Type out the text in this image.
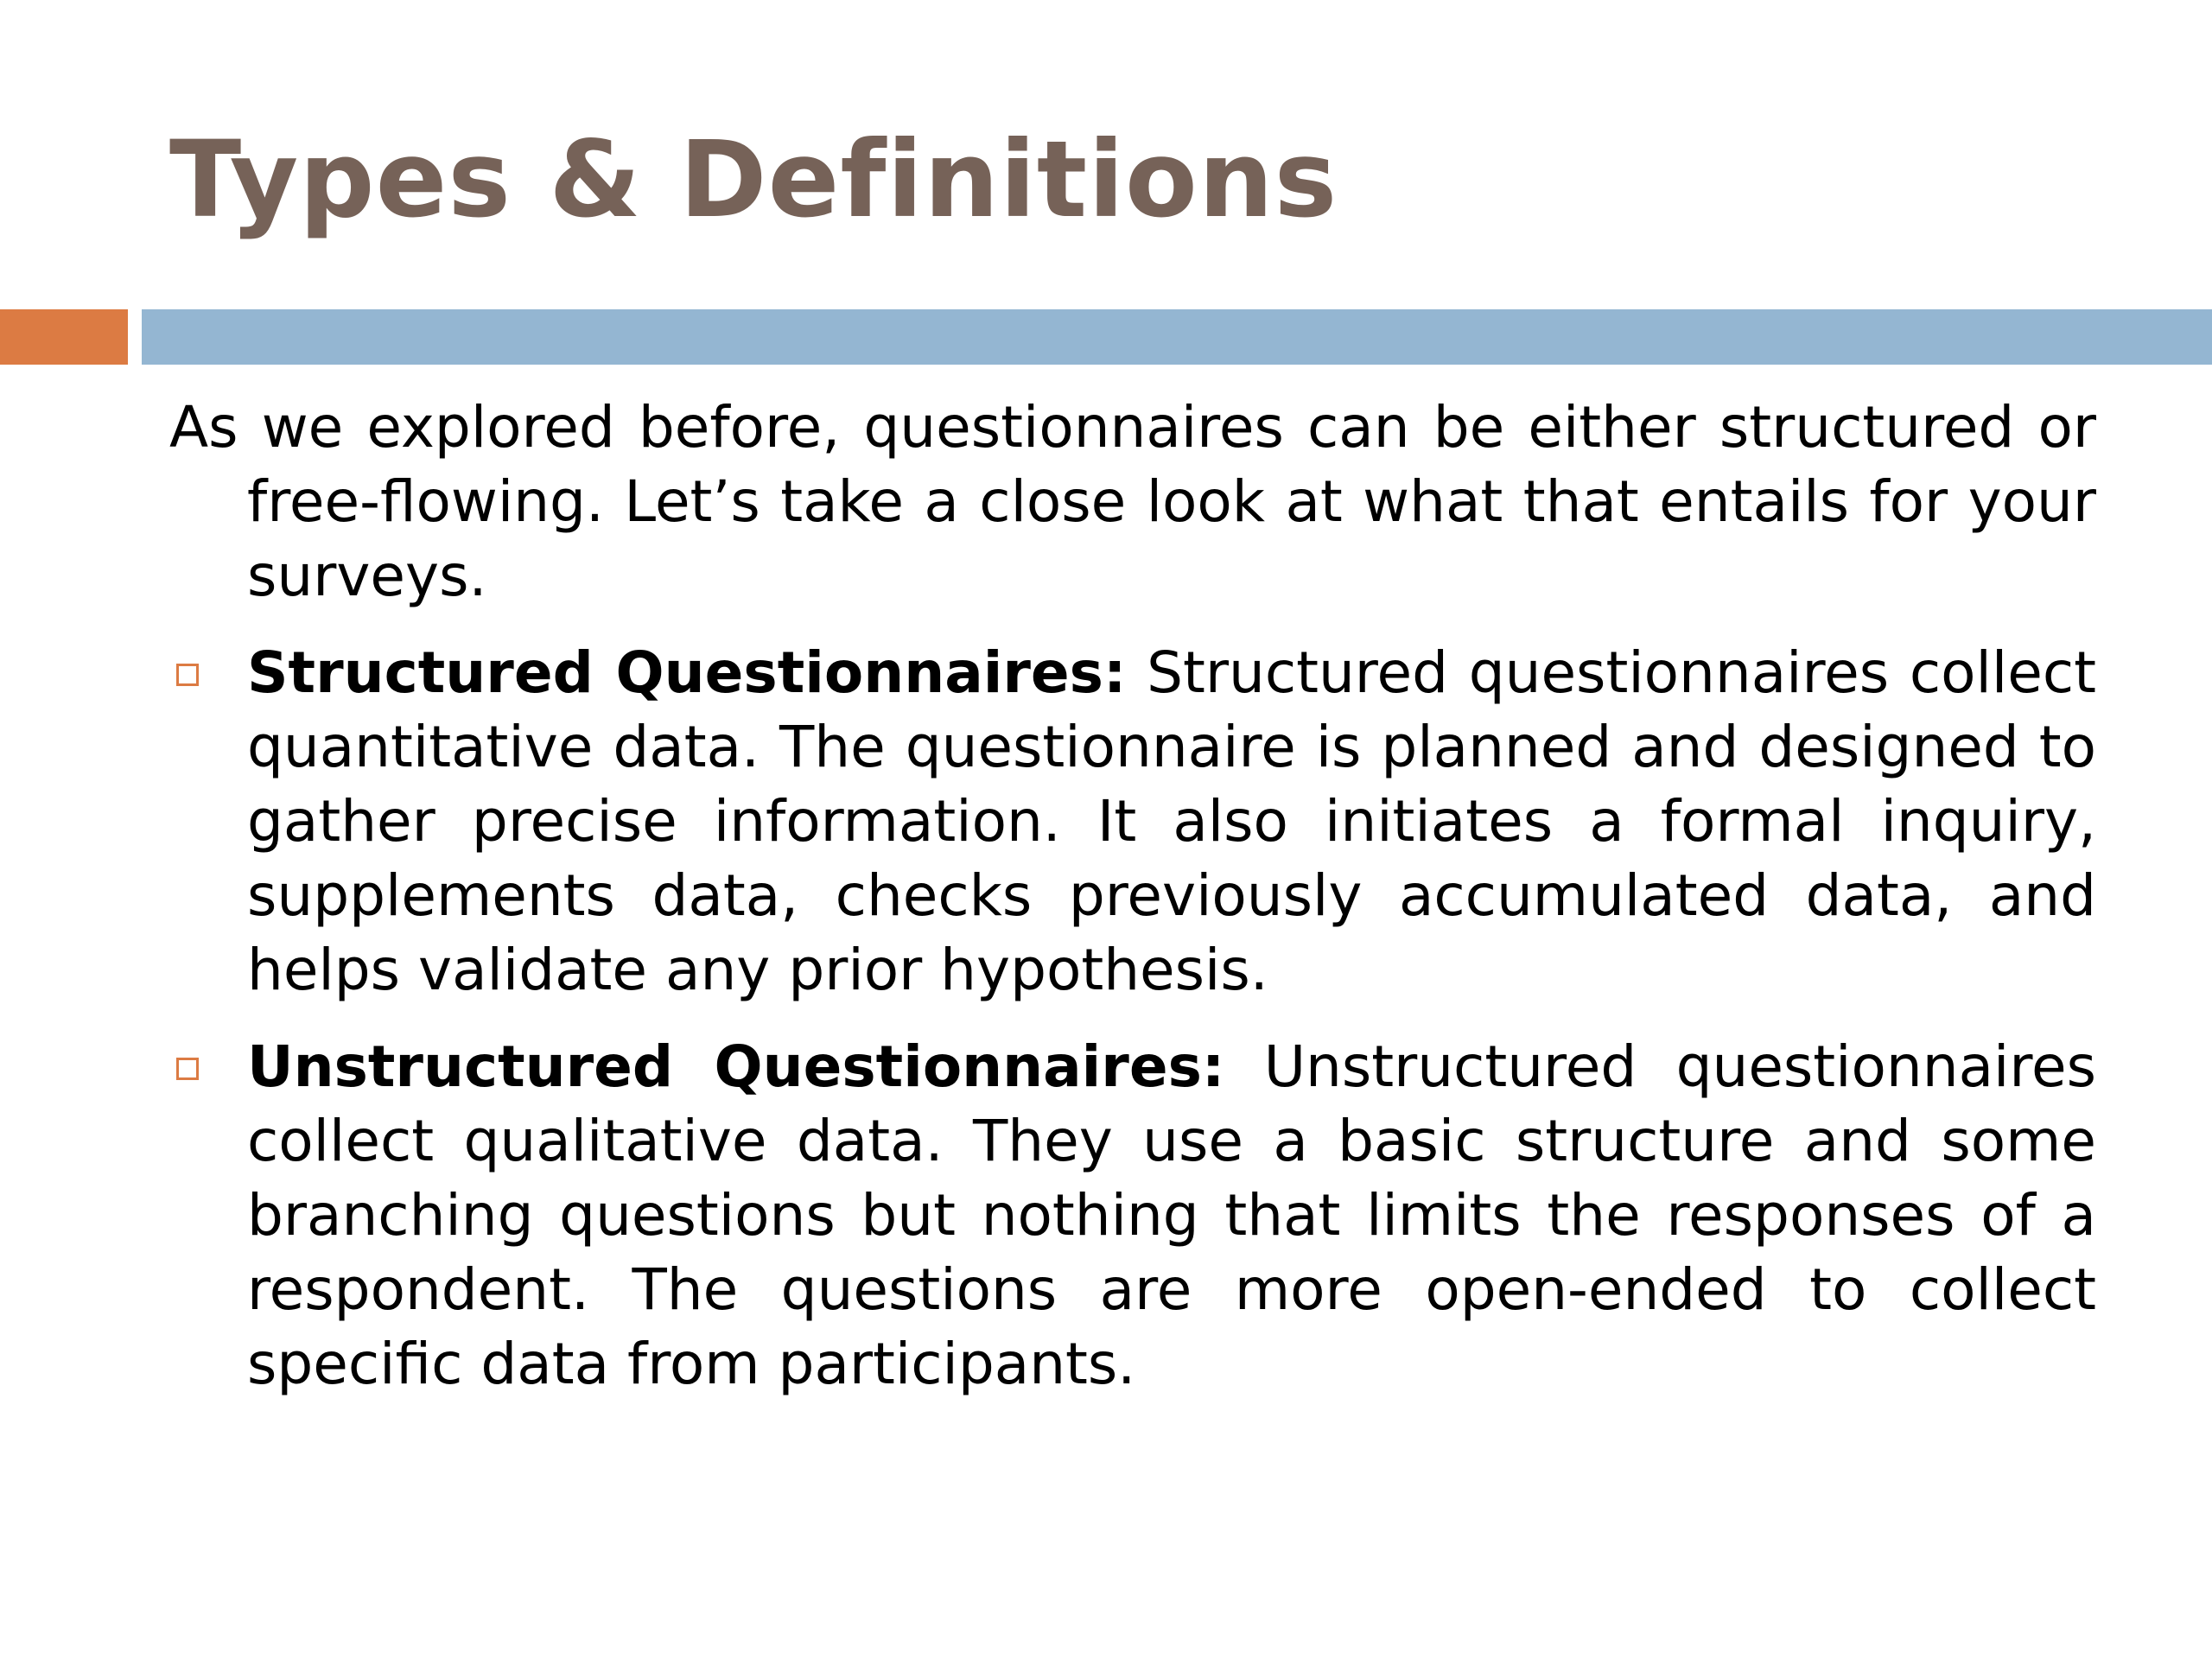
Types & Definitions

As we explored before, questionnaires can be either structured or free-flowing. Let’s take a close look at what that entails for your surveys.

Structured Questionnaires: Structured questionnaires collect quantitative data. The questionnaire is planned and designed to gather precise information. It also initiates a formal inquiry, supplements data, checks previously accumulated data, and helps validate any prior hypothesis.

Unstructured Questionnaires: Unstructured questionnaires collect qualitative data. They use a basic structure and some branching questions but nothing that limits the responses of a respondent. The questions are more open-ended to collect specific data from participants.
